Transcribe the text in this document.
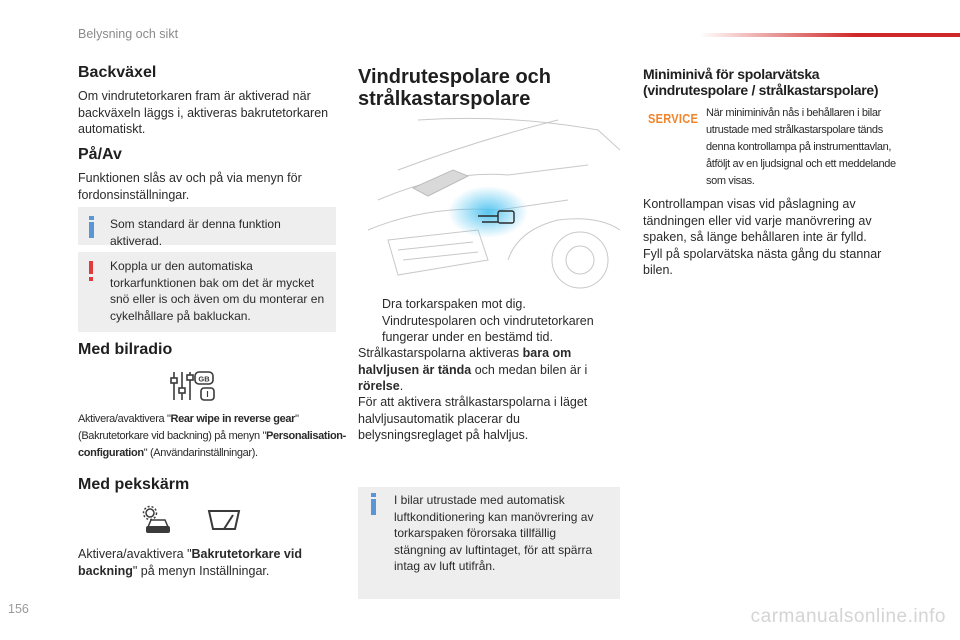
Belysning och sikt
Backväxel
Om vindrutetorkaren fram är aktiverad när backväxeln läggs i, aktiveras bakrutetorkaren automatiskt.
På/Av
Funktionen slås av och på via menyn för fordonsinställningar.
Som standard är denna funktion aktiverad.
Koppla ur den automatiska torkarfunktionen bak om det är mycket snö eller is och även om du monterar en cykelhållare på bakluckan.
Med bilradio
GB
I
Aktivera/avaktivera "Rear wipe in reverse gear" (Bakrutetorkare vid backning) på menyn "Personalisation-configuration" (Användarinställningar).
Med pekskärm
Aktivera/avaktivera "Bakrutetorkare vid backning" på menyn Inställningar.
Vindrutespolare och
strålkastarspolare
Dra torkarspaken mot dig. Vindrutespolaren och vindrutetorkaren fungerar under en bestämd tid.
Strålkastarspolarna aktiveras bara om halvljusen är tända och medan bilen är i rörelse.
För att aktivera strålkastarspolarna i läget halvljusautomatik placerar du belysningsreglaget på halvljus.
I bilar utrustade med automatisk luftkonditionering kan manövrering av torkarspaken förorsaka tillfällig stängning av luftintaget, för att spärra intag av luft utifrån.
Miniminivå för spolarvätska
(vindrutespolare / strålkastarspolare)
SERVICE När miniminivån nås i behållaren i bilar utrustade med strålkastarspolare tänds denna kontrollampa på instrumenttavlan, åtföljt av en ljudsignal och ett meddelande som visas.
Kontrollampan visas vid påslagning av tändningen eller vid varje manövrering av spaken, så länge behållaren inte är fylld. Fyll på spolarvätska nästa gång du stannar bilen.
156	carmanualsonline.info
